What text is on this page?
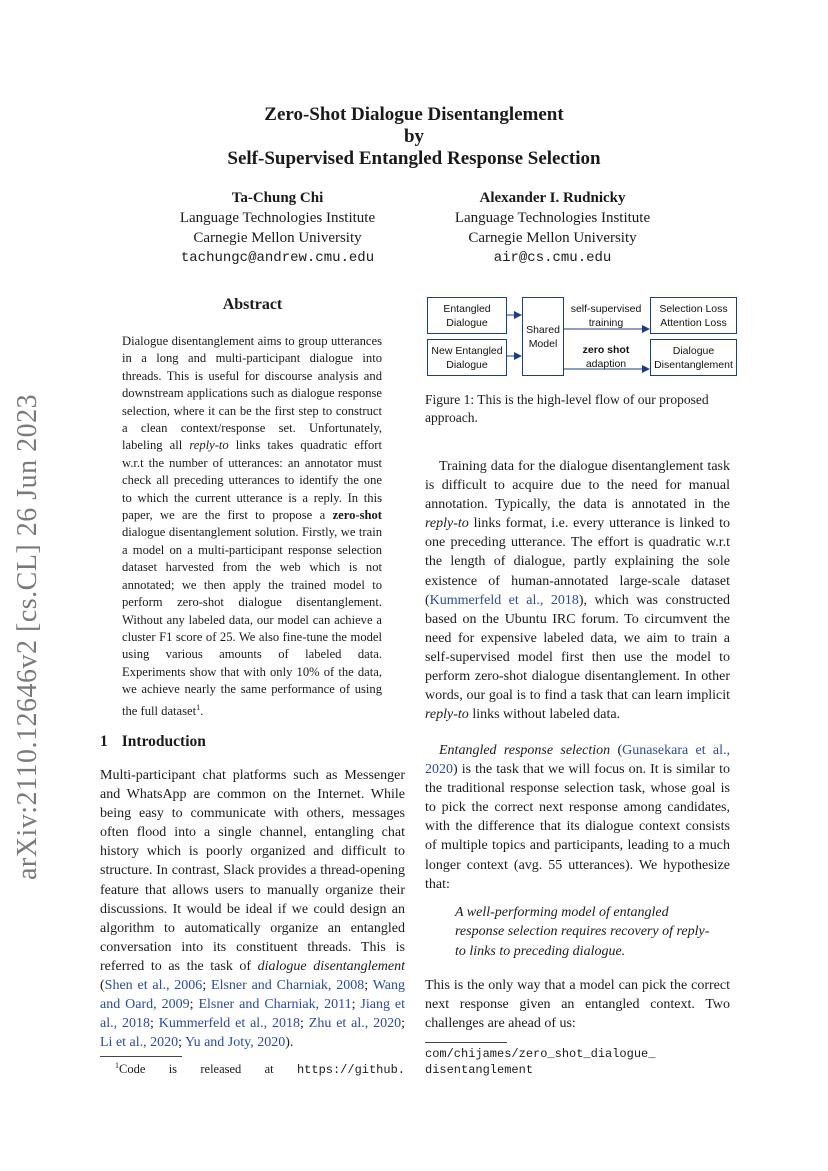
arXiv:2110.12646v2 [cs.CL] 26 Jun 2023
Zero-Shot Dialogue Disentanglement
by
Self-Supervised Entangled Response Selection
Ta-Chung Chi
Language Technologies Institute
Carnegie Mellon University
tachungc@andrew.cmu.edu
Alexander I. Rudnicky
Language Technologies Institute
Carnegie Mellon University
air@cs.cmu.edu
Abstract
Dialogue disentanglement aims to group utterances in a long and multi-participant dialogue into threads. This is useful for discourse analysis and downstream applications such as dialogue response selection, where it can be the first step to construct a clean context/response set. Unfortunately, labeling all reply-to links takes quadratic effort w.r.t the number of utterances: an annotator must check all preceding utterances to identify the one to which the current utterance is a reply. In this paper, we are the first to propose a zero-shot dialogue disentanglement solution. Firstly, we train a model on a multi-participant response selection dataset harvested from the web which is not annotated; we then apply the trained model to perform zero-shot dialogue disentanglement. Without any labeled data, our model can achieve a cluster F1 score of 25. We also fine-tune the model using various amounts of labeled data. Experiments show that with only 10% of the data, we achieve nearly the same performance of using the full dataset$^1$.
1 Introduction
Multi-participant chat platforms such as Messenger and WhatsApp are common on the Internet. While being easy to communicate with others, messages often flood into a single channel, entangling chat history which is poorly organized and difficult to structure. In contrast, Slack provides a thread-opening feature that allows users to manually organize their discussions. It would be ideal if we could design an algorithm to automatically organize an entangled conversation into its constituent threads. This is referred to as the task of dialogue disentanglement (Shen et al., 2006; Elsner and Charniak, 2008; Wang and Oard, 2009; Elsner and Charniak, 2011; Jiang et al., 2018; Kummerfeld et al., 2018; Zhu et al., 2020; Li et al., 2020; Yu and Joty, 2020).
$^1$Code is released at https://github.
Entangled
Dialogue
New Entangled
Dialogue
Shared
Model
self-supervised
training
zero shot
adaption
Selection Loss
Attention Loss
Dialogue
Disentanglement
Figure 1: This is the high-level flow of our proposed approach.
Training data for the dialogue disentanglement task is difficult to acquire due to the need for manual annotation. Typically, the data is annotated in the reply-to links format, i.e. every utterance is linked to one preceding utterance. The effort is quadratic w.r.t the length of dialogue, partly explaining the sole existence of human-annotated large-scale dataset (Kummerfeld et al., 2018), which was constructed based on the Ubuntu IRC forum. To circumvent the need for expensive labeled data, we aim to train a self-supervised model first then use the model to perform zero-shot dialogue disentanglement. In other words, our goal is to find a task that can learn implicit reply-to links without labeled data.
Entangled response selection (Gunasekara et al., 2020) is the task that we will focus on. It is similar to the traditional response selection task, whose goal is to pick the correct next response among candidates, with the difference that its dialogue context consists of multiple topics and participants, leading to a much longer context (avg. 55 utterances). We hypothesize that:
A well-performing model of entangled response selection requires recovery of reply-to links to preceding dialogue.
This is the only way that a model can pick the correct next response given an entangled context. Two challenges are ahead of us:
com/chijames/zero_shot_dialogue_
disentanglement
